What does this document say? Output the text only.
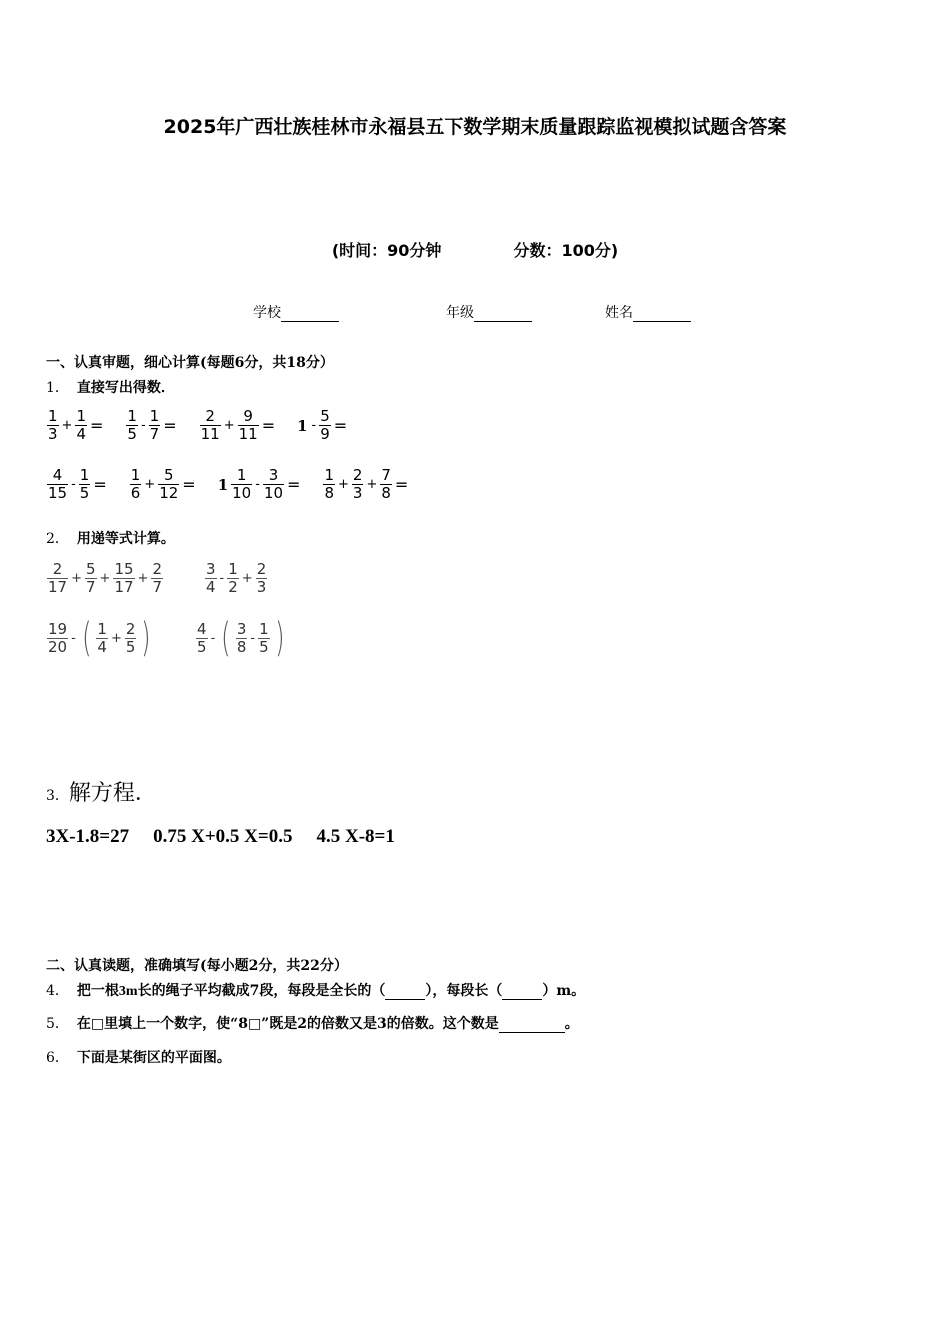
2025年广西壮族桂林市永福县五下数学期末质量跟踪监视模拟试题含答案
(时间：90分钟	分数：100分)
学校	年级	姓名
一、认真审题，细心计算(每题6分，共18分）
1． 直接写出得数．
$\frac{1}{3} + \frac{1}{4} = \frac{1}{5} - \frac{1}{7} = \frac{2}{11} + \frac{9}{11} = 1 - \frac{5}{9}$ =
$\frac{4}{15} - \frac{1}{5} = \frac{1}{6} + \frac{5}{12} = 1 \frac{1}{10} - \frac{3}{10} = \frac{1}{8} + \frac{2}{3} + \frac{7}{8}$ =
2． 用递等式计算。
$\frac{2}{17} + \frac{5}{7} + \frac{15}{17} + \frac{2}{7}$	$\frac{3}{4} - \frac{1}{2} + \frac{2}{3}$
$\frac{19}{20}$ - ( $\frac{1}{4} + \frac{2}{5}$ )	$\frac{4}{5}$ - ( $\frac{3}{8} - \frac{1}{5}$ )
3．解方程．
3X-1.8=27 0.75 X+0.5 X=0.5 4.5 X-8=1
二、认真读题，准确填写(每小题2分，共22分）
4． 把一根3m长的绳子平均截成7段，每段是全长的（	），每段长（	）m。
5． 在□里填上一个数字，使“8□”既是2的倍数又是3的倍数。这个数是	。
6． 下面是某街区的平面图。
